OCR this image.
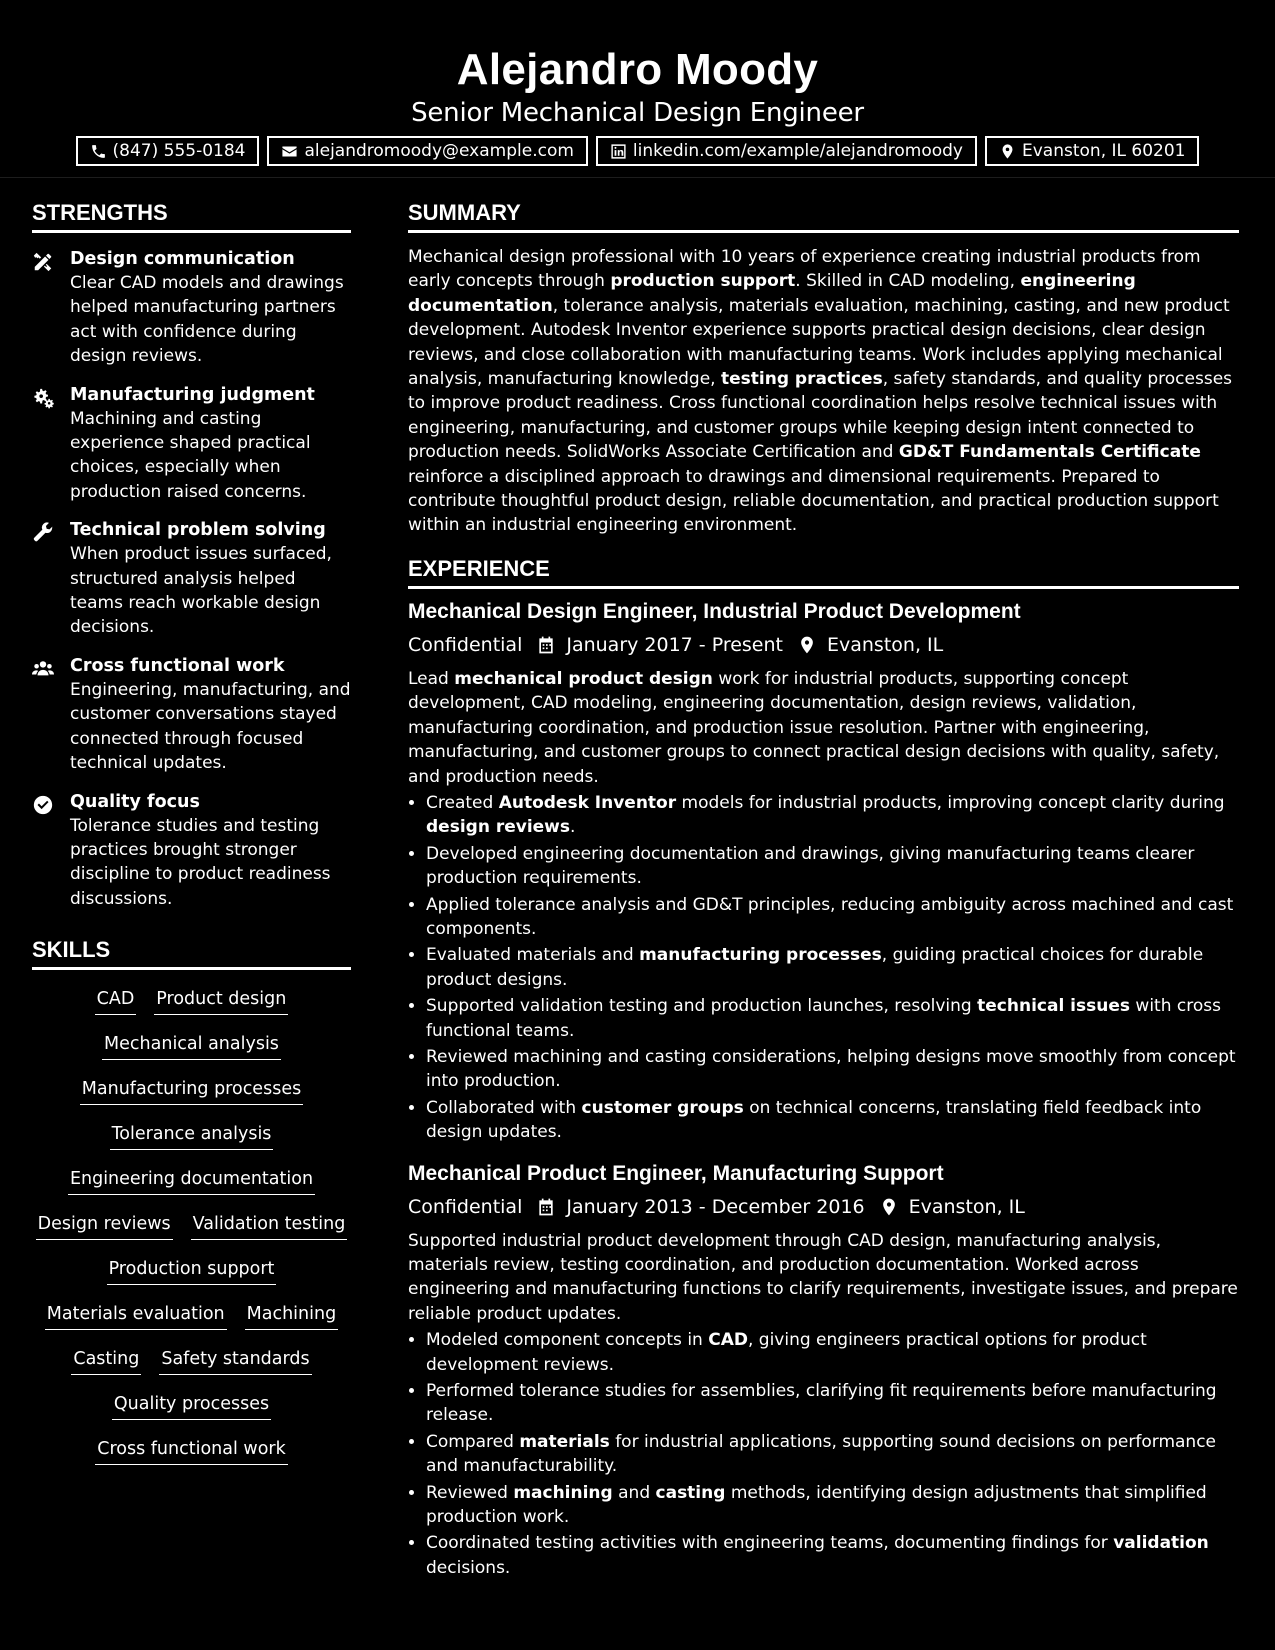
Alejandro Moody
Senior Mechanical Design Engineer
(847) 555-0184	alejandromoody@example.com	linkedin.com/example/alejandromoody	Evanston, IL 60201
STRENGTHS
Design communication
Clear CAD models and drawings helped manufacturing partners act with confidence during design reviews.
Manufacturing judgment
Machining and casting experience shaped practical choices, especially when production raised concerns.
Technical problem solving
When product issues surfaced, structured analysis helped teams reach workable design decisions.
Cross functional work
Engineering, manufacturing, and customer conversations stayed connected through focused technical updates.
Quality focus
Tolerance studies and testing practices brought stronger discipline to product readiness discussions.
SKILLS
CAD Product design
Mechanical analysis
Manufacturing processes
Tolerance analysis
Engineering documentation
Design reviews Validation testing
Production support
Materials evaluation Machining
Casting Safety standards
Quality processes
Cross functional work
SUMMARY

Mechanical design professional with 10 years of experience creating industrial products from early concepts through production support. Skilled in CAD modeling, engineering documentation, tolerance analysis, materials evaluation, machining, casting, and new product development. Autodesk Inventor experience supports practical design decisions, clear design reviews, and close collaboration with manufacturing teams. Work includes applying mechanical analysis, manufacturing knowledge, testing practices, safety standards, and quality processes to improve product readiness. Cross functional coordination helps resolve technical issues with engineering, manufacturing, and customer groups while keeping design intent connected to production needs. SolidWorks Associate Certification and GD&T Fundamentals Certificate reinforce a disciplined approach to drawings and dimensional requirements. Prepared to contribute thoughtful product design, reliable documentation, and practical production support within an industrial engineering environment.

EXPERIENCE
Mechanical Design Engineer, Industrial Product Development
Confidential January 2017 - Present Evanston, IL

Lead mechanical product design work for industrial products, supporting concept development, CAD modeling, engineering documentation, design reviews, validation, manufacturing coordination, and production issue resolution. Partner with engineering, manufacturing, and customer groups to connect practical design decisions with quality, safety, and production needs.

• Created Autodesk Inventor models for industrial products, improving concept clarity during design reviews.
• Developed engineering documentation and drawings, giving manufacturing teams clearer production requirements.
• Applied tolerance analysis and GD&T principles, reducing ambiguity across machined and cast components.
• Evaluated materials and manufacturing processes, guiding practical choices for durable product designs.
• Supported validation testing and production launches, resolving technical issues with cross functional teams.
• Reviewed machining and casting considerations, helping designs move smoothly from concept into production.
• Collaborated with customer groups on technical concerns, translating field feedback into design updates.
Mechanical Product Engineer, Manufacturing Support
Confidential January 2013 - December 2016 Evanston, IL

Supported industrial product development through CAD design, manufacturing analysis, materials review, testing coordination, and production documentation. Worked across engineering and manufacturing functions to clarify requirements, investigate issues, and prepare reliable product updates.

• Modeled component concepts in CAD, giving engineers practical options for product development reviews.
• Performed tolerance studies for assemblies, clarifying fit requirements before manufacturing release.
• Compared materials for industrial applications, supporting sound decisions on performance and manufacturability.
• Reviewed machining and casting methods, identifying design adjustments that simplified production work.
• Coordinated testing activities with engineering teams, documenting findings for validation decisions.
